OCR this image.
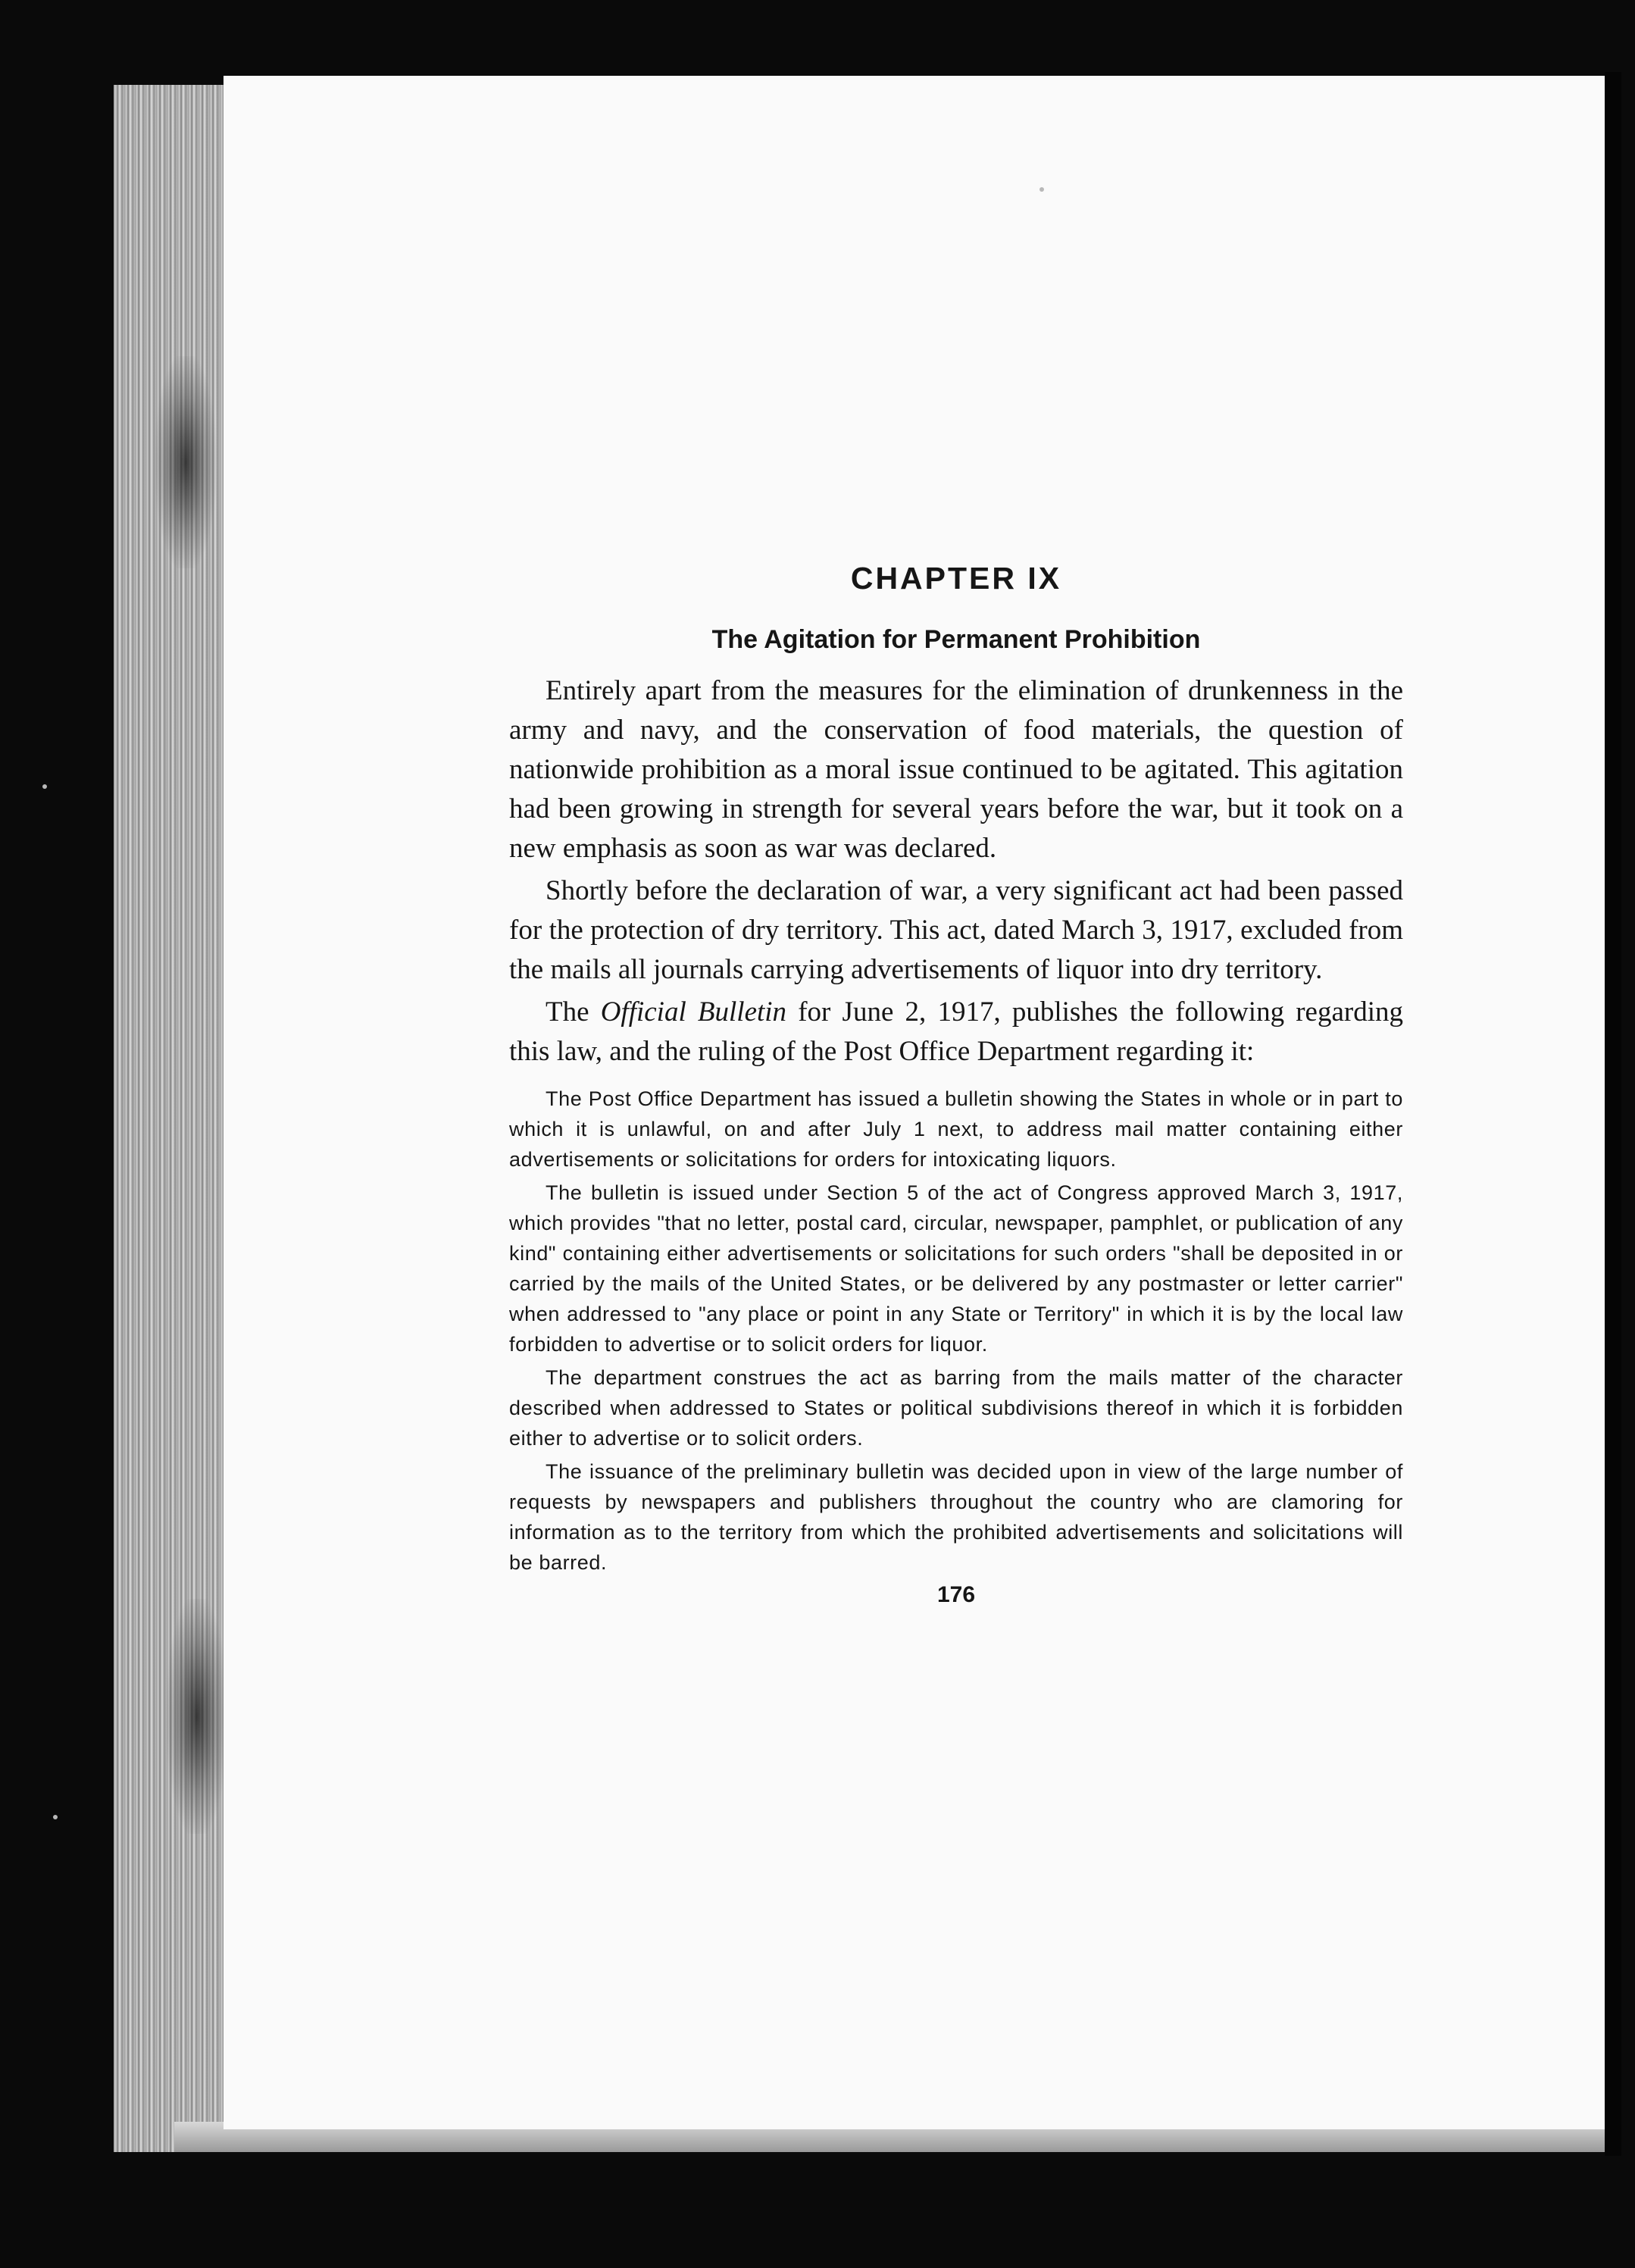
CHAPTER IX
The Agitation for Permanent Prohibition

Entirely apart from the measures for the elimination of drunkenness in the army and navy, and the conservation of food materials, the question of nationwide prohibition as a moral issue continued to be agitated. This agitation had been growing in strength for several years before the war, but it took on a new emphasis as soon as war was declared.

Shortly before the declaration of war, a very significant act had been passed for the protection of dry territory. This act, dated March 3, 1917, excluded from the mails all journals carrying advertisements of liquor into dry territory.

The Official Bulletin for June 2, 1917, publishes the following regarding this law, and the ruling of the Post Office Department regarding it:

The Post Office Department has issued a bulletin showing the States in whole or in part to which it is unlawful, on and after July 1 next, to address mail matter containing either advertisements or solicitations for orders for intoxicating liquors.

The bulletin is issued under Section 5 of the act of Congress approved March 3, 1917, which provides "that no letter, postal card, circular, newspaper, pamphlet, or publication of any kind" containing either advertisements or solicitations for such orders "shall be deposited in or carried by the mails of the United States, or be delivered by any postmaster or letter carrier" when addressed to "any place or point in any State or Territory" in which it is by the local law forbidden to advertise or to solicit orders for liquor.

The department construes the act as barring from the mails matter of the character described when addressed to States or political subdivisions thereof in which it is forbidden either to advertise or to solicit orders.

The issuance of the preliminary bulletin was decided upon in view of the large number of requests by newspapers and publishers throughout the country who are clamoring for information as to the territory from which the prohibited advertisements and solicitations will be barred.

176
